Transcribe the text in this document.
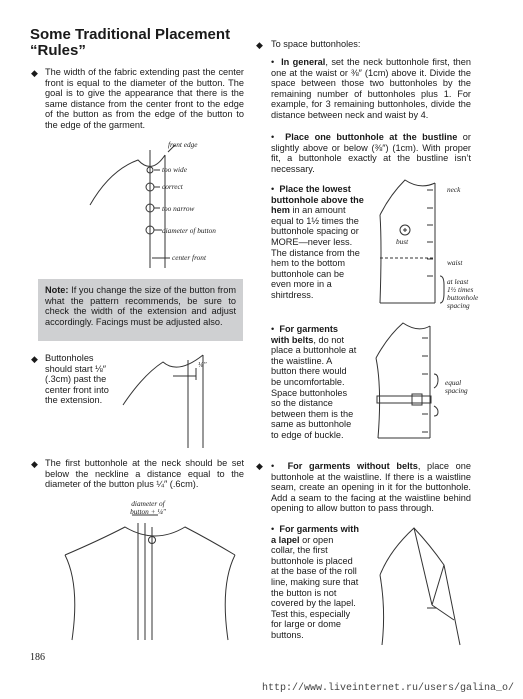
Some Traditional Placement
“Rules”
◆ The width of the fabric extending past the center front is equal to the diameter of the button. The goal is to give the appearance that there is the same distance from the center front to the edge of the button as from the edge of the button to the edge of the garment.
front edge
too wide
correct
too narrow
diameter of button
center front
Note: If you change the size of the button from what the pattern recommends, be sure to check the width of the extension and adjust accordingly. Facings must be adjusted also.
◆ Buttonholes should start ⅛″ (.3cm) past the center front into the extension.
⅛″
◆ The first buttonhole at the neck should be set below the neckline a distance equal to the diameter of the button plus ¼″ (.6cm).
diameter of
button + ¼″
186
◆ To space buttonholes:
•  In general, set the neck buttonhole first, then one at the waist or ⅜″ (1cm) above it. Divide the space between those two buttonholes by the remaining number of buttonholes plus 1. For example, for 3 remaining buttonholes, divide the distance between neck and waist by 4.
•  Place one buttonhole at the bustline or slightly above or below (⅜″) (1cm). With proper fit, a buttonhole exactly at the bustline isn’t necessary.
•  Place the lowest buttonhole above the hem in an amount equal to 1½ times the buttonhole spacing or MORE—never less. The distance from the hem to the bottom buttonhole can be even more in a shirtdress.
neck
bust
waist
at least
1½ times
buttonhole
spacing
•  For garments with belts, do not place a buttonhole at the waistline. A button there would be uncomfortable. Space buttonholes so the distance between them is the same as buttonhole to edge of buckle.
equal
spacing
◆ •  For garments without belts, place one buttonhole at the waistline. If there is a waistline seam, create an opening in it for the buttonhole. Add a seam to the facing at the waistline behind opening to allow button to pass through.
•  For garments with a lapel or open collar, the first buttonhole is placed at the base of the roll line, making sure that the button is not covered by the lapel. Test this, especially for large or dome buttons.
http://www.liveinternet.ru/users/galina_o/
